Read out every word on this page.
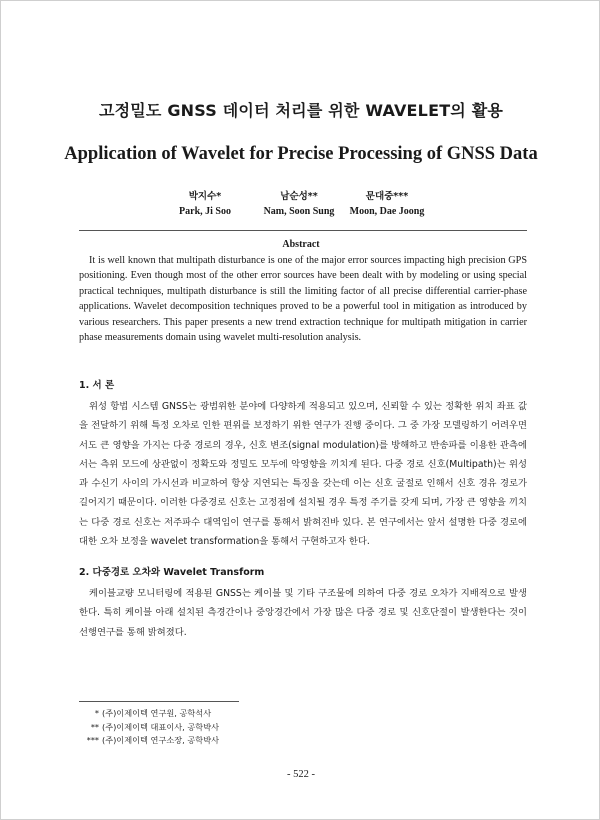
고정밀도 GNSS 데이터 처리를 위한 WAVELET의 활용
Application of Wavelet for Precise Processing of GNSS Data
박지수*
Park, Ji Soo
남순성**
Nam, Soon Sung
문대중***
Moon, Dae Joong
Abstract
It is well known that multipath disturbance is one of the major error sources impacting high precision GPS positioning. Even though most of the other error sources have been dealt with by modeling or using special practical techniques, multipath disturbance is still the limiting factor of all precise differential carrier-phase applications. Wavelet decomposition techniques proved to be a powerful tool in mitigation as introduced by various researchers. This paper presents a new trend extraction technique for multipath mitigation in carrier phase measurements domain using wavelet multi-resolution analysis.
1. 서 론
위성 항법 시스템 GNSS는 광범위한 분야에 다양하게 적용되고 있으며, 신뢰할 수 있는 정확한 위치 좌표 값을 전달하기 위해 특정 오차로 인한 편위를 보정하기 위한 연구가 진행 중이다. 그 중 가장 모델링하기 어려우면서도 큰 영향을 가지는 다중 경로의 경우, 신호 변조(signal modulation)를 방해하고 반송파를 이용한 관측에서는 측위 모드에 상관없이 정확도와 정밀도 모두에 악영향을 끼치게 된다. 다중 경로 신호(Multipath)는 위성과 수신기 사이의 가시선과 비교하여 항상 지연되는 특징을 갖는데 이는 신호 굴절로 인해서 신호 경유 경로가 길어지기 때문이다. 이러한 다중경로 신호는 고정점에 설치될 경우 특정 주기를 갖게 되며, 가장 큰 영향을 끼치는 다중 경로 신호는 저주파수 대역임이 연구를 통해서 밝혀진바 있다. 본 연구에서는 앞서 설명한 다중 경로에 대한 오차 보정을 wavelet transformation을 통해서 구현하고자 한다.
2. 다중경로 오차와 Wavelet Transform
케이블교량 모니터링에 적용된 GNSS는 케이블 및 기타 구조물에 의하여 다중 경로 오차가 지배적으로 발생한다. 특히 케이블 아래 설치된 측경간이나 중앙경간에서 가장 많은 다중 경로 및 신호단절이 발생한다는 것이 선행연구를 통해 밝혀졌다.
* (주)이제이텍 연구원, 공학석사
** (주)이제이텍 대표이사, 공학박사
*** (주)이제이텍 연구소장, 공학박사
- 522 -
